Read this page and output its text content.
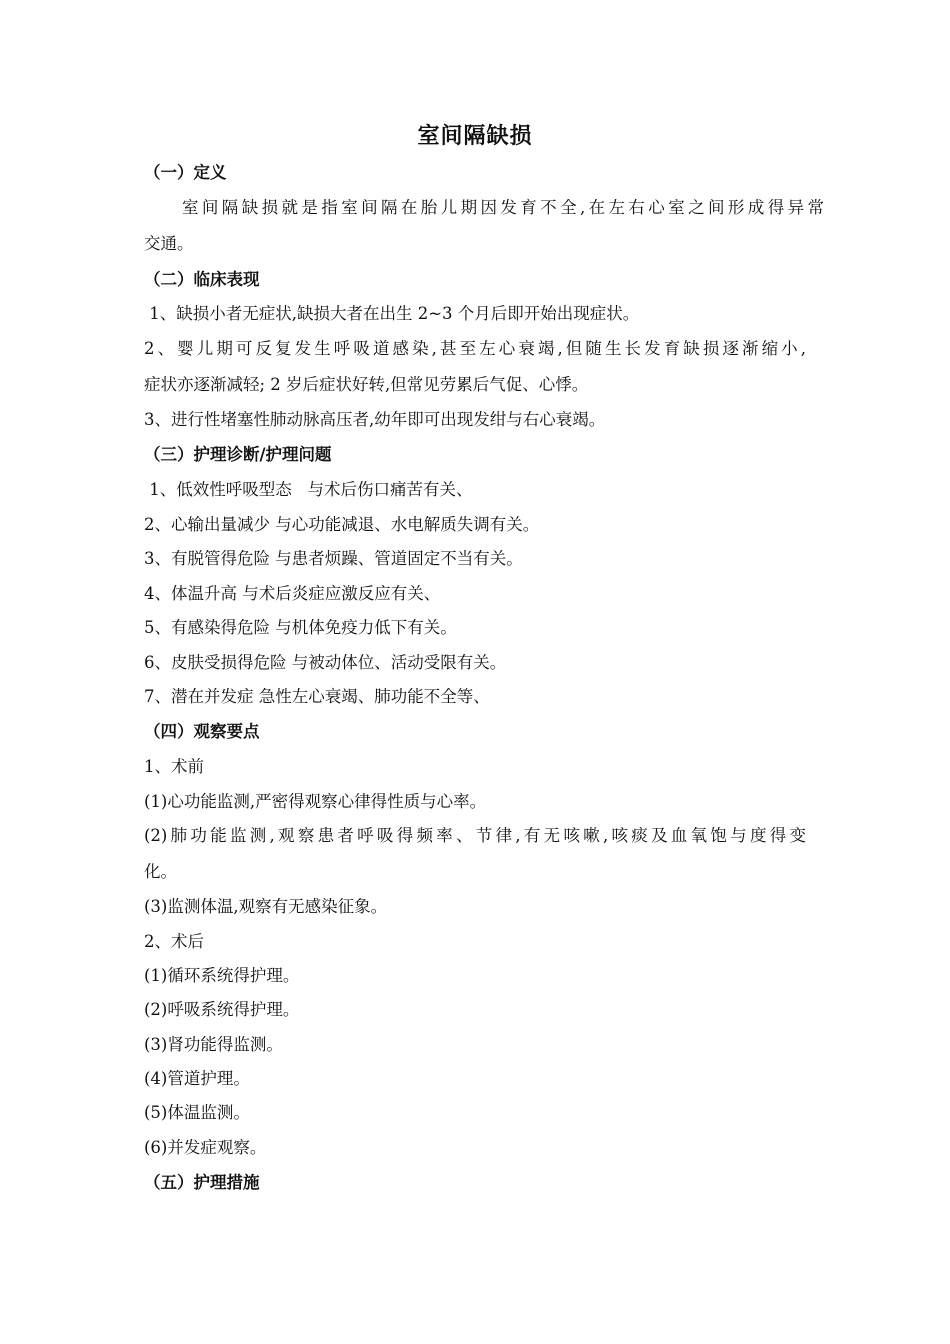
室间隔缺损
（一）定义
室间隔缺损就是指室间隔在胎儿期因发育不全,在左右心室之间形成得异常
交通。
（二）临床表现
1、缺损小者无症状,缺损大者在出生 2~3 个月后即开始出现症状。
2、婴儿期可反复发生呼吸道感染,甚至左心衰竭,但随生长发育缺损逐渐缩小,
症状亦逐渐减轻; 2 岁后症状好转,但常见劳累后气促、心悸。
3、进行性堵塞性肺动脉高压者,幼年即可出现发绀与右心衰竭。
（三）护理诊断/护理问题
1、低效性呼吸型态   与术后伤口痛苦有关、
2、心输出量减少 与心功能减退、水电解质失调有关。
3、有脱管得危险 与患者烦躁、管道固定不当有关。
4、体温升高 与术后炎症应激反应有关、
5、有感染得危险 与机体免疫力低下有关。
6、皮肤受损得危险 与被动体位、活动受限有关。
7、潜在并发症 急性左心衰竭、肺功能不全等、
（四）观察要点
1、术前
(1)心功能监测,严密得观察心律得性质与心率。
(2)肺功能监测,观察患者呼吸得频率、节律,有无咳嗽,咳痰及血氧饱与度得变
化。
(3)监测体温,观察有无感染征象。
2、术后
(1)循环系统得护理。
(2)呼吸系统得护理。
(3)肾功能得监测。
(4)管道护理。
(5)体温监测。
(6)并发症观察。
（五）护理措施
